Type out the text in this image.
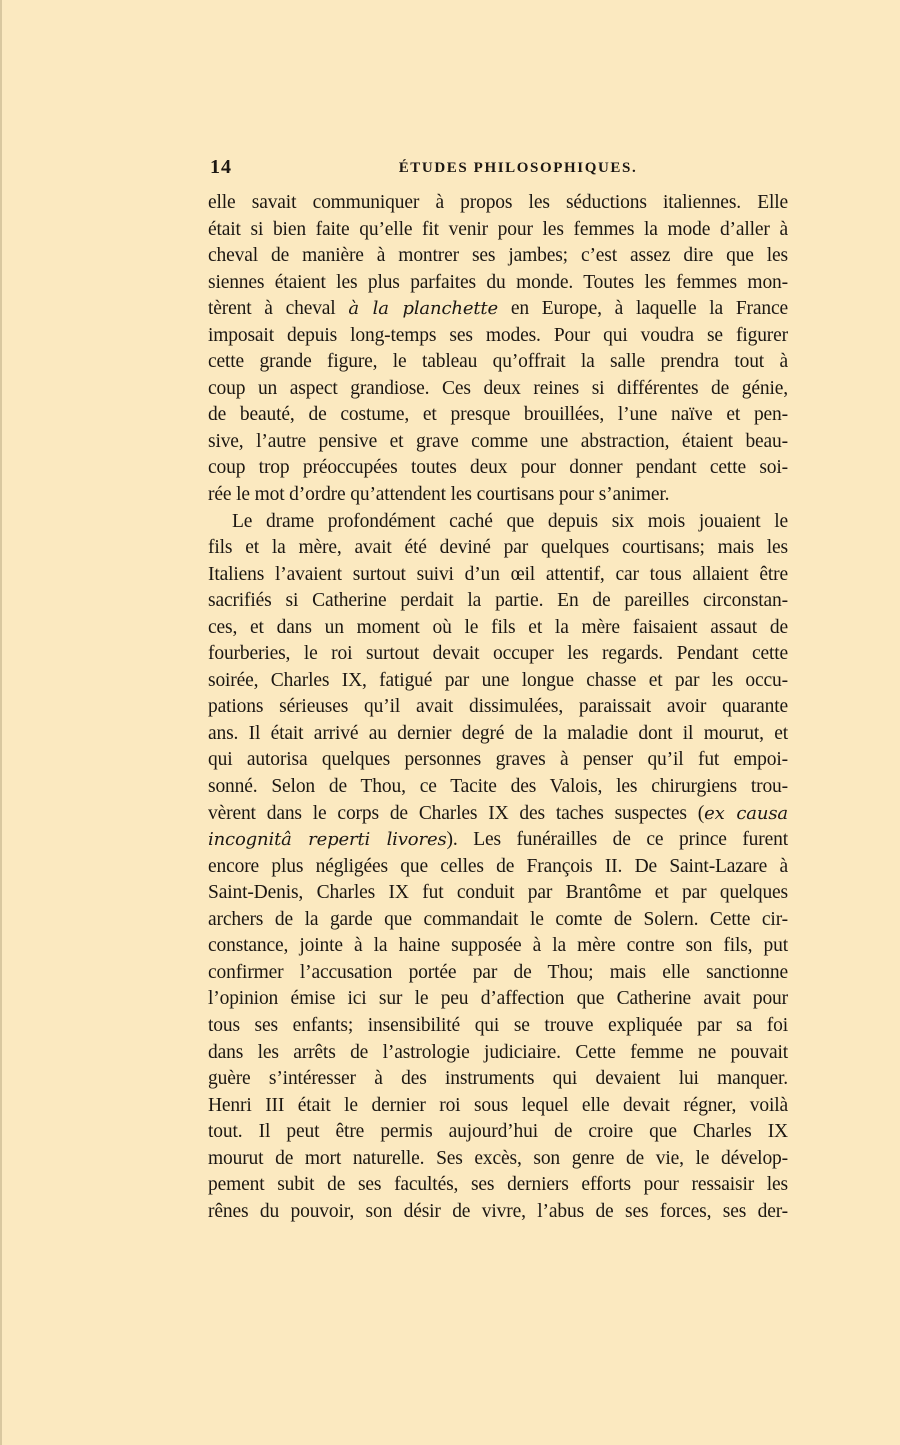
14	ÉTUDES PHILOSOPHIQUES.
elle savait communiquer à propos les séductions italiennes. Elle
était si bien faite qu’elle fit venir pour les femmes la mode d’aller à
cheval de manière à montrer ses jambes; c’est assez dire que les
siennes étaient les plus parfaites du monde. Toutes les femmes mon-
tèrent à cheval à la planchette en Europe, à laquelle la France
imposait depuis long-temps ses modes. Pour qui voudra se figurer
cette grande figure, le tableau qu’offrait la salle prendra tout à
coup un aspect grandiose. Ces deux reines si différentes de génie,
de beauté, de costume, et presque brouillées, l’une naïve et pen-
sive, l’autre pensive et grave comme une abstraction, étaient beau-
coup trop préoccupées toutes deux pour donner pendant cette soi-
rée le mot d’ordre qu’attendent les courtisans pour s’animer.
Le drame profondément caché que depuis six mois jouaient le
fils et la mère, avait été deviné par quelques courtisans; mais les
Italiens l’avaient surtout suivi d’un œil attentif, car tous allaient être
sacrifiés si Catherine perdait la partie. En de pareilles circonstan-
ces, et dans un moment où le fils et la mère faisaient assaut de
fourberies, le roi surtout devait occuper les regards. Pendant cette
soirée, Charles IX, fatigué par une longue chasse et par les occu-
pations sérieuses qu’il avait dissimulées, paraissait avoir quarante
ans. Il était arrivé au dernier degré de la maladie dont il mourut, et
qui autorisa quelques personnes graves à penser qu’il fut empoi-
sonné. Selon de Thou, ce Tacite des Valois, les chirurgiens trou-
vèrent dans le corps de Charles IX des taches suspectes (ex causa
incognitâ reperti livores). Les funérailles de ce prince furent
encore plus négligées que celles de François II. De Saint-Lazare à
Saint-Denis, Charles IX fut conduit par Brantôme et par quelques
archers de la garde que commandait le comte de Solern. Cette cir-
constance, jointe à la haine supposée à la mère contre son fils, put
confirmer l’accusation portée par de Thou; mais elle sanctionne
l’opinion émise ici sur le peu d’affection que Catherine avait pour
tous ses enfants; insensibilité qui se trouve expliquée par sa foi
dans les arrêts de l’astrologie judiciaire. Cette femme ne pouvait
guère s’intéresser à des instruments qui devaient lui manquer.
Henri III était le dernier roi sous lequel elle devait régner, voilà
tout. Il peut être permis aujourd’hui de croire que Charles IX
mourut de mort naturelle. Ses excès, son genre de vie, le dévelop-
pement subit de ses facultés, ses derniers efforts pour ressaisir les
rênes du pouvoir, son désir de vivre, l’abus de ses forces, ses der-
